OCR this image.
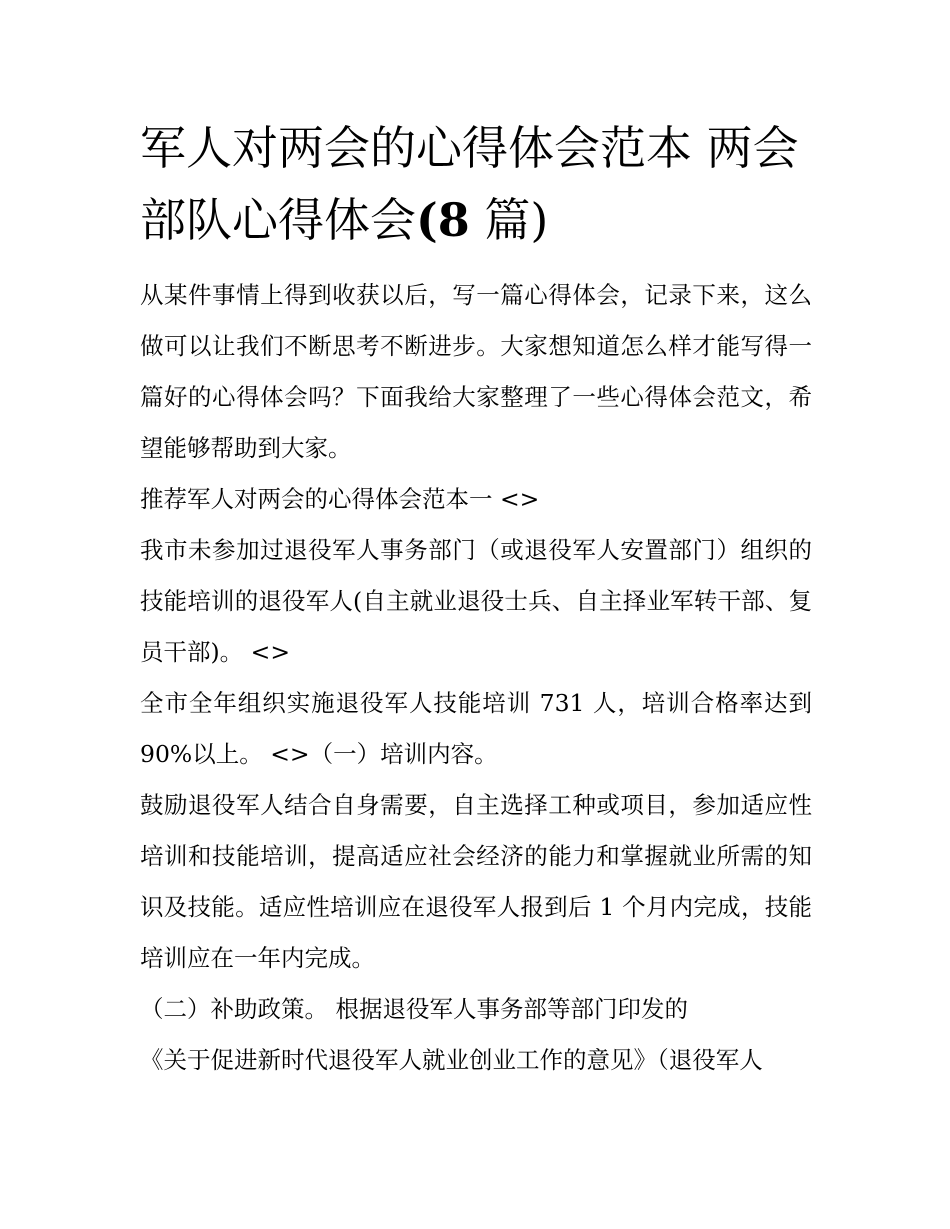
军人对两会的心得体会范本 两会部队心得体会(8 篇)

从某件事情上得到收获以后，写一篇心得体会，记录下来，这么做可以让我们不断思考不断进步。大家想知道怎么样才能写得一篇好的心得体会吗？下面我给大家整理了一些心得体会范文，希望能够帮助到大家。

推荐军人对两会的心得体会范本一 <>

我市未参加过退役军人事务部门（或退役军人安置部门）组织的技能培训的退役军人(自主就业退役士兵、自主择业军转干部、复员干部)。 <>

全市全年组织实施退役军人技能培训 731 人，培训合格率达到 90%以上。 <>（一）培训内容。

鼓励退役军人结合自身需要，自主选择工种或项目，参加适应性培训和技能培训，提高适应社会经济的能力和掌握就业所需的知识及技能。适应性培训应在退役军人报到后 1 个月内完成，技能培训应在一年内完成。

（二）补助政策。 根据退役军人事务部等部门印发的

《关于促进新时代退役军人就业创业工作的意见》（退役军人
